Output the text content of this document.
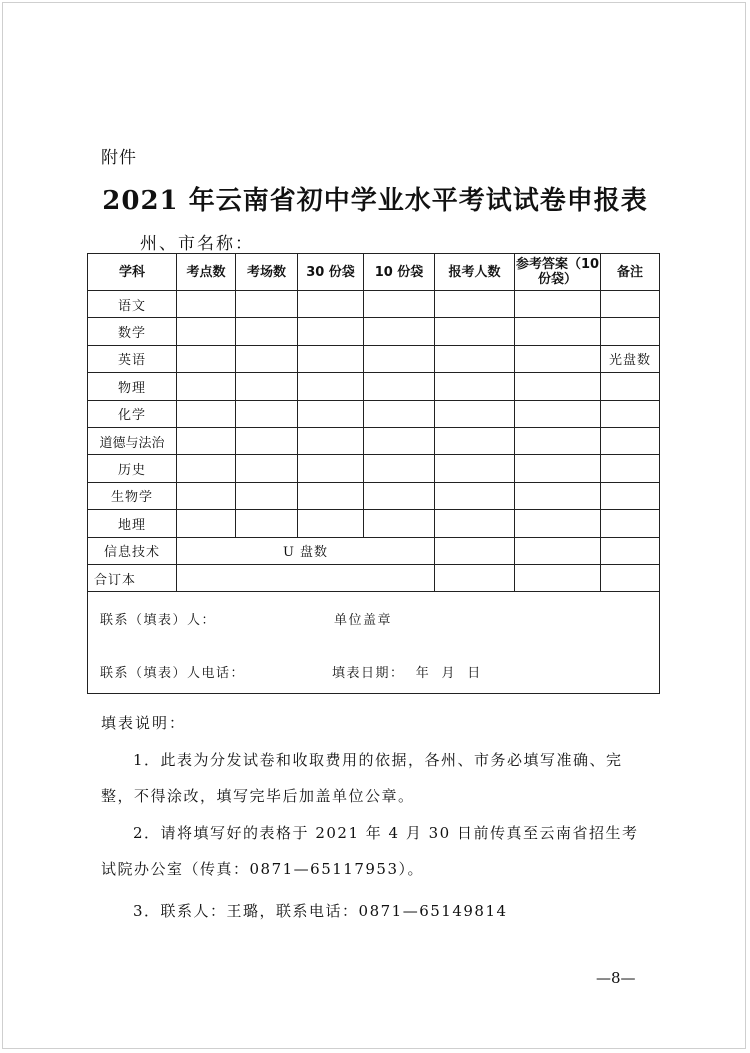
附件
2021 年云南省初中学业水平考试试卷申报表
州、市名称：
学科	考点数	考场数	30 份袋	10 份袋	报考人数	参考答案（10 份袋）	备注
语文							
数学							
英语							光盘数
物理							
化学							
道德与法治							
历史							
生物学							
地理							
信息技术	U 盘数						
合订本							

联系（填表）人： 单位盖章
联系（填表）人电话： 填表日期：  年  月  日							
填表说明：
1．此表为分发试卷和收取费用的依据，各州、市务必填写准确、完整，不得涂改，填写完毕后加盖单位公章。
2．请将填写好的表格于 2021 年 4 月 30 日前传真至云南省招生考试院办公室（传真：0871—65117953）。
3．联系人：王璐，联系电话：0871—65149814
—8—
